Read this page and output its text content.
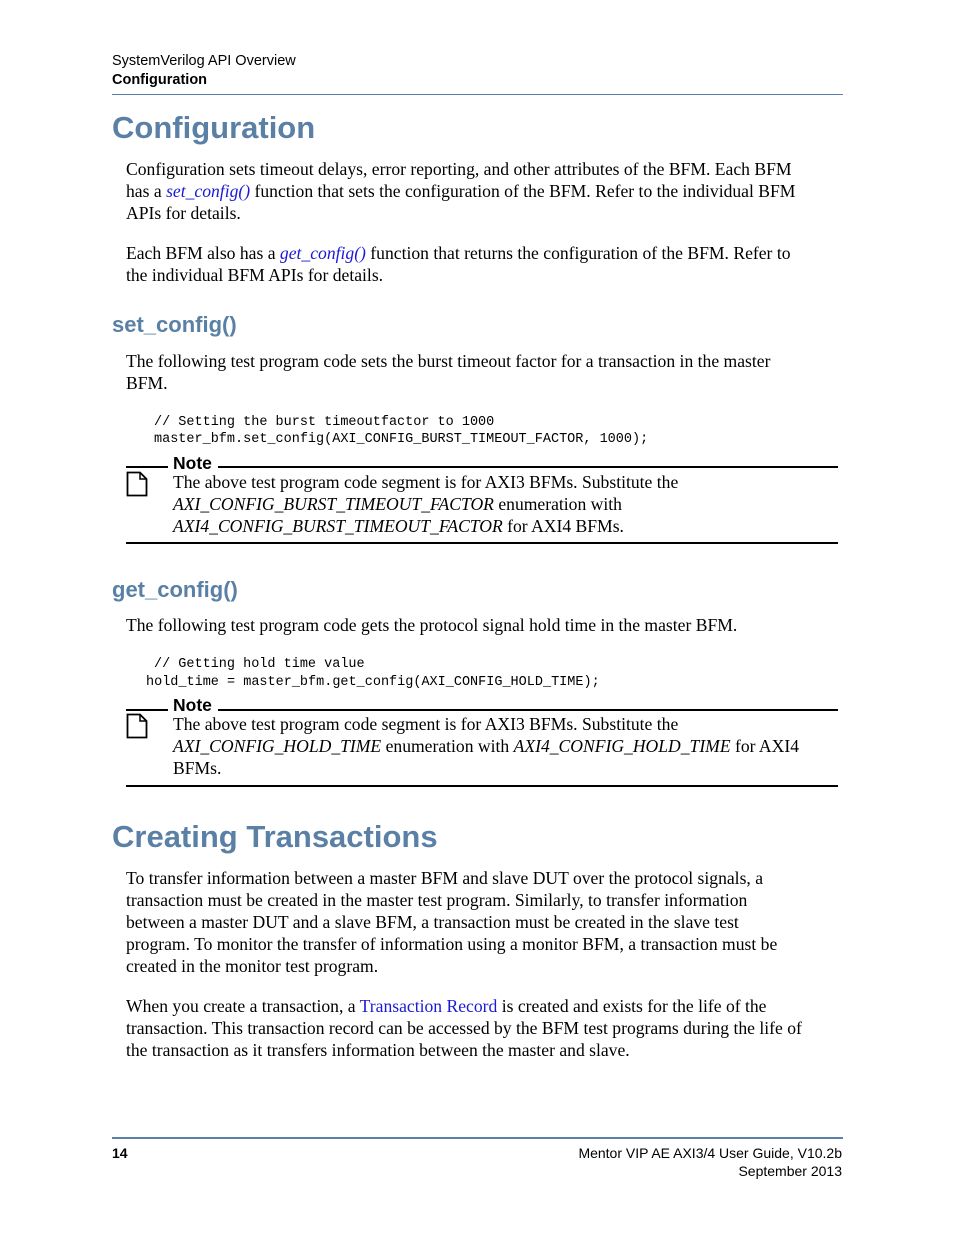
SystemVerilog API Overview
Configuration
Configuration

Configuration sets timeout delays, error reporting, and other attributes of the BFM. Each BFM

has a set_config() function that sets the configuration of the BFM. Refer to the individual BFM

APIs for details.

Each BFM also has a get_config() function that returns the configuration of the BFM. Refer to

the individual BFM APIs for details.

set_config()

The following test program code sets the burst timeout factor for a transaction in the master

BFM.

// Setting the burst timeoutfactor to 1000
master_bfm.set_config(AXI_CONFIG_BURST_TIMEOUT_FACTOR, 1000);
Note

The above test program code segment is for AXI3 BFMs. Substitute the

AXI_CONFIG_BURST_TIMEOUT_FACTOR enumeration with

AXI4_CONFIG_BURST_TIMEOUT_FACTOR for AXI4 BFMs.

get_config()

The following test program code gets the protocol signal hold time in the master BFM.

// Getting hold time value
hold_time = master_bfm.get_config(AXI_CONFIG_HOLD_TIME);
Note

The above test program code segment is for AXI3 BFMs. Substitute the

AXI_CONFIG_HOLD_TIME enumeration with AXI4_CONFIG_HOLD_TIME for AXI4

BFMs.

Creating Transactions

To transfer information between a master BFM and slave DUT over the protocol signals, a

transaction must be created in the master test program. Similarly, to transfer information

between a master DUT and a slave BFM, a transaction must be created in the slave test

program. To monitor the transfer of information using a monitor BFM, a transaction must be

created in the monitor test program.

When you create a transaction, a Transaction Record is created and exists for the life of the

transaction. This transaction record can be accessed by the BFM test programs during the life of

the transaction as it transfers information between the master and slave.

14	Mentor VIP AE AXI3/4 User Guide, V10.2b
September 2013
